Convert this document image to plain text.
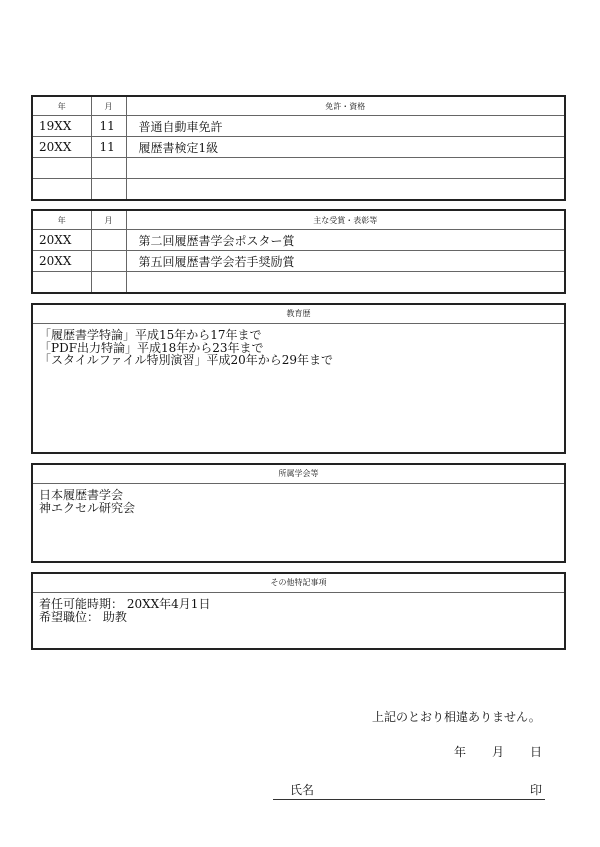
年	月	免許・資格
19XX	11	普通自動車免許
20XX	11	履歴書検定1級

年	月	主な受賞・表彰等
20XX		第二回履歴書学会ポスター賞
20XX		第五回履歴書学会若手奨励賞

教育歴
「履歴書学特論」平成15年から17年まで
「PDF出力特論」平成18年から23年まで
「スタイルファイル特別演習」平成20年から29年まで
所属学会等
日本履歴書学会
神エクセル研究会
その他特記事項
着任可能時期： 20XX年4月1日
希望職位： 助教
上記のとおり相違ありません。
年 月 日
氏名	印
